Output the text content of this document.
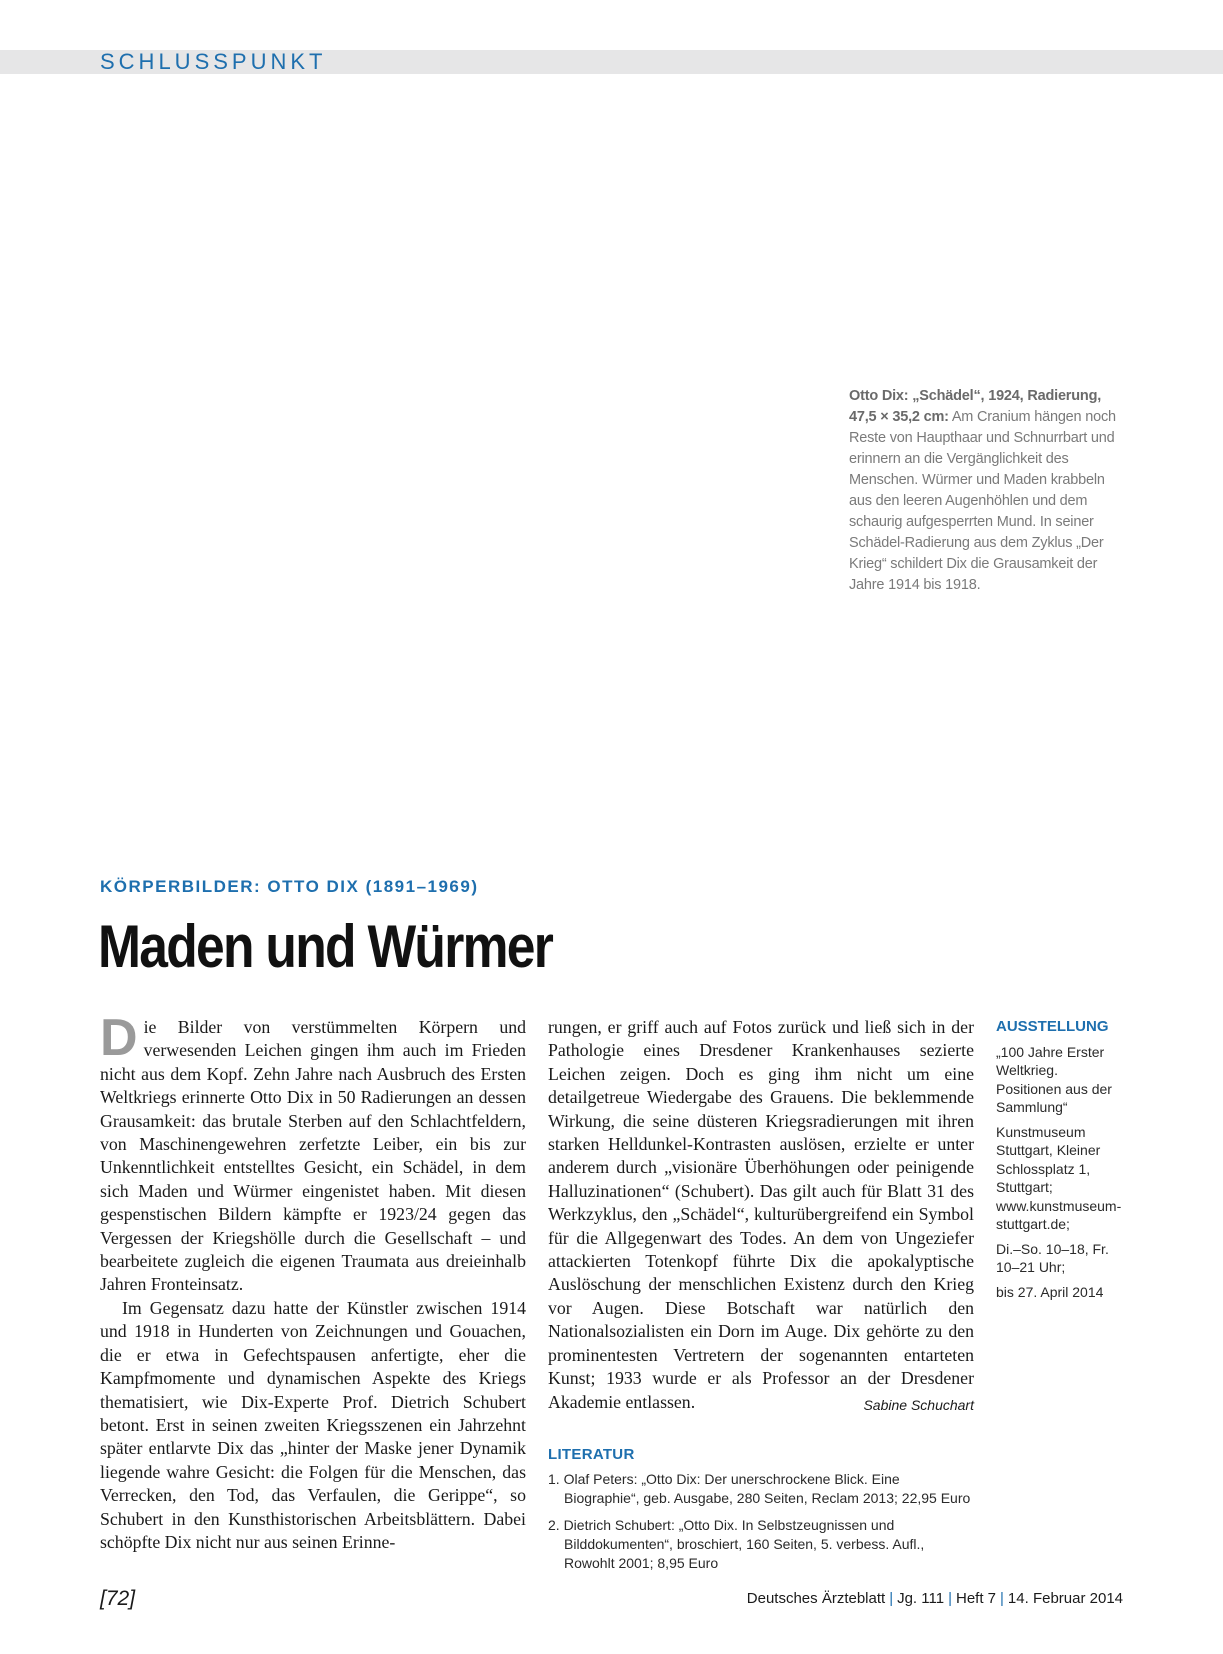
SCHLUSSPUNKT
Otto Dix: „Schädel“, 1924, Radierung, 47,5 × 35,2 cm: Am Cranium hängen noch Reste von Haupthaar und Schnurrbart und erinnern an die Vergänglichkeit des Menschen. Würmer und Maden krabbeln aus den leeren Augenhöhlen und dem schaurig aufgesperrten Mund. In seiner Schädel-Radierung aus dem Zyklus „Der Krieg“ schildert Dix die Grausamkeit der Jahre 1914 bis 1918.
KÖRPERBILDER: OTTO DIX (1891–1969)
Maden und Würmer

Die Bilder von verstümmelten Körpern und verwesenden Leichen gingen ihm auch im Frieden nicht aus dem Kopf. Zehn Jahre nach Ausbruch des Ersten Weltkriegs erinnerte Otto Dix in 50 Radierungen an dessen Grausamkeit: das brutale Sterben auf den Schlachtfeldern, von Maschinengewehren zerfetzte Leiber, ein bis zur Unkenntlichkeit entstelltes Gesicht, ein Schädel, in dem sich Maden und Würmer eingenistet haben. Mit diesen gespenstischen Bildern kämpfte er 1923/24 gegen das Vergessen der Kriegshölle durch die Gesellschaft – und bearbeitete zugleich die eigenen Traumata aus dreieinhalb Jahren Fronteinsatz.

Im Gegensatz dazu hatte der Künstler zwischen 1914 und 1918 in Hunderten von Zeichnungen und Gouachen, die er etwa in Gefechtspausen anfertigte, eher die Kampfmomente und dynamischen Aspekte des Kriegs thematisiert, wie Dix-Experte Prof. Dietrich Schubert betont. Erst in seinen zweiten Kriegsszenen ein Jahrzehnt später entlarvte Dix das „hinter der Maske jener Dynamik liegende wahre Gesicht: die Folgen für die Menschen, das Verrecken, den Tod, das Verfaulen, die Gerippe“, so Schubert in den Kunsthistorischen Arbeitsblättern. Dabei schöpfte Dix nicht nur aus seinen Erinne-

rungen, er griff auch auf Fotos zurück und ließ sich in der Pathologie eines Dresdener Krankenhauses sezierte Leichen zeigen. Doch es ging ihm nicht um eine detailgetreue Wiedergabe des Grauens. Die beklemmende Wirkung, die seine düsteren Kriegsradierungen mit ihren starken Helldunkel-Kontrasten auslösen, erzielte er unter anderem durch „visionäre Überhöhungen oder peinigende Halluzinationen“ (Schubert). Das gilt auch für Blatt 31 des Werkzyklus, den „Schädel“, kulturübergreifend ein Symbol für die Allgegenwart des Todes. An dem von Ungeziefer attackierten Totenkopf führte Dix die apokalyptische Auslöschung der menschlichen Existenz durch den Krieg vor Augen. Diese Botschaft war natürlich den Nationalsozialisten ein Dorn im Auge. Dix gehörte zu den prominentesten Vertretern der sogenannten entarteten Kunst; 1933 wurde er als Professor an der Dresdener Akademie entlassen.	Sabine Schuchart

LITERATUR
1. Olaf Peters: „Otto Dix: Der unerschrockene Blick. Eine Biographie“, geb. Ausgabe, 280 Seiten, Reclam 2013; 22,95 Euro
2. Dietrich Schubert: „Otto Dix. In Selbstzeugnissen und Bilddokumenten“, broschiert, 160 Seiten, 5. verbess. Aufl., Rowohlt 2001; 8,95 Euro
AUSSTELLUNG

„100 Jahre Erster Weltkrieg. Positionen aus der Sammlung“

Kunstmuseum Stuttgart, Kleiner Schlossplatz 1, Stuttgart; www.kunstmuseum-stuttgart.de;

Di.–So. 10–18, Fr. 10–21 Uhr;

bis 27. April 2014

[72]	Deutsches Ärzteblatt | Jg. 111 | Heft 7 | 14. Februar 2014
